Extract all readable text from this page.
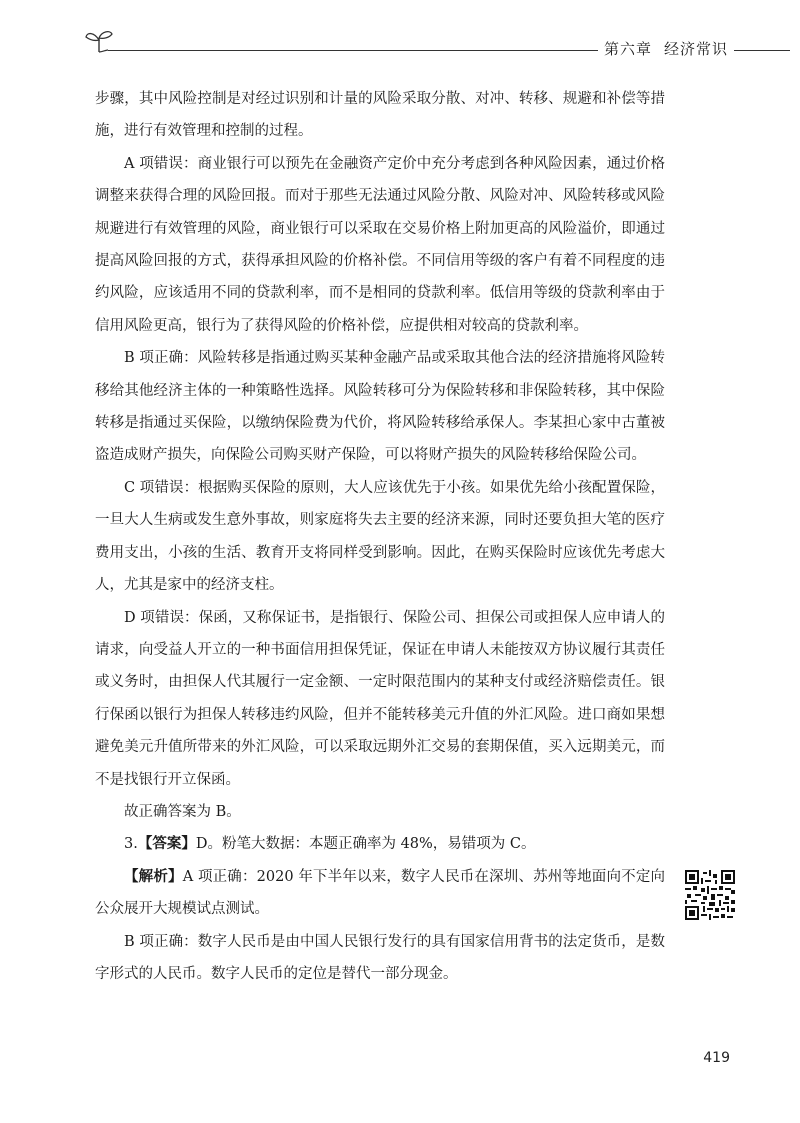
第六章 经济常识

步骤，其中风险控制是对经过识别和计量的风险采取分散、对冲、转移、规避和补偿等措施，进行有效管理和控制的过程。

A 项错误：商业银行可以预先在金融资产定价中充分考虑到各种风险因素，通过价格调整来获得合理的风险回报。而对于那些无法通过风险分散、风险对冲、风险转移或风险规避进行有效管理的风险，商业银行可以采取在交易价格上附加更高的风险溢价，即通过提高风险回报的方式，获得承担风险的价格补偿。不同信用等级的客户有着不同程度的违约风险，应该适用不同的贷款利率，而不是相同的贷款利率。低信用等级的贷款利率由于信用风险更高，银行为了获得风险的价格补偿，应提供相对较高的贷款利率。

B 项正确：风险转移是指通过购买某种金融产品或采取其他合法的经济措施将风险转移给其他经济主体的一种策略性选择。风险转移可分为保险转移和非保险转移，其中保险转移是指通过买保险，以缴纳保险费为代价，将风险转移给承保人。李某担心家中古董被盗造成财产损失，向保险公司购买财产保险，可以将财产损失的风险转移给保险公司。

C 项错误：根据购买保险的原则，大人应该优先于小孩。如果优先给小孩配置保险，一旦大人生病或发生意外事故，则家庭将失去主要的经济来源，同时还要负担大笔的医疗费用支出，小孩的生活、教育开支将同样受到影响。因此，在购买保险时应该优先考虑大人，尤其是家中的经济支柱。

D 项错误：保函，又称保证书，是指银行、保险公司、担保公司或担保人应申请人的请求，向受益人开立的一种书面信用担保凭证，保证在申请人未能按双方协议履行其责任或义务时，由担保人代其履行一定金额、一定时限范围内的某种支付或经济赔偿责任。银行保函以银行为担保人转移违约风险，但并不能转移美元升值的外汇风险。进口商如果想避免美元升值所带来的外汇风险，可以采取远期外汇交易的套期保值，买入远期美元，而不是找银行开立保函。

故正确答案为 B。

3.【答案】D。粉笔大数据：本题正确率为 48%，易错项为 C。

【解析】A 项正确：2020 年下半年以来，数字人民币在深圳、苏州等地面向不定向公众展开大规模试点测试。

B 项正确：数字人民币是由中国人民银行发行的具有国家信用背书的法定货币，是数字形式的人民币。数字人民币的定位是替代一部分现金。

419
